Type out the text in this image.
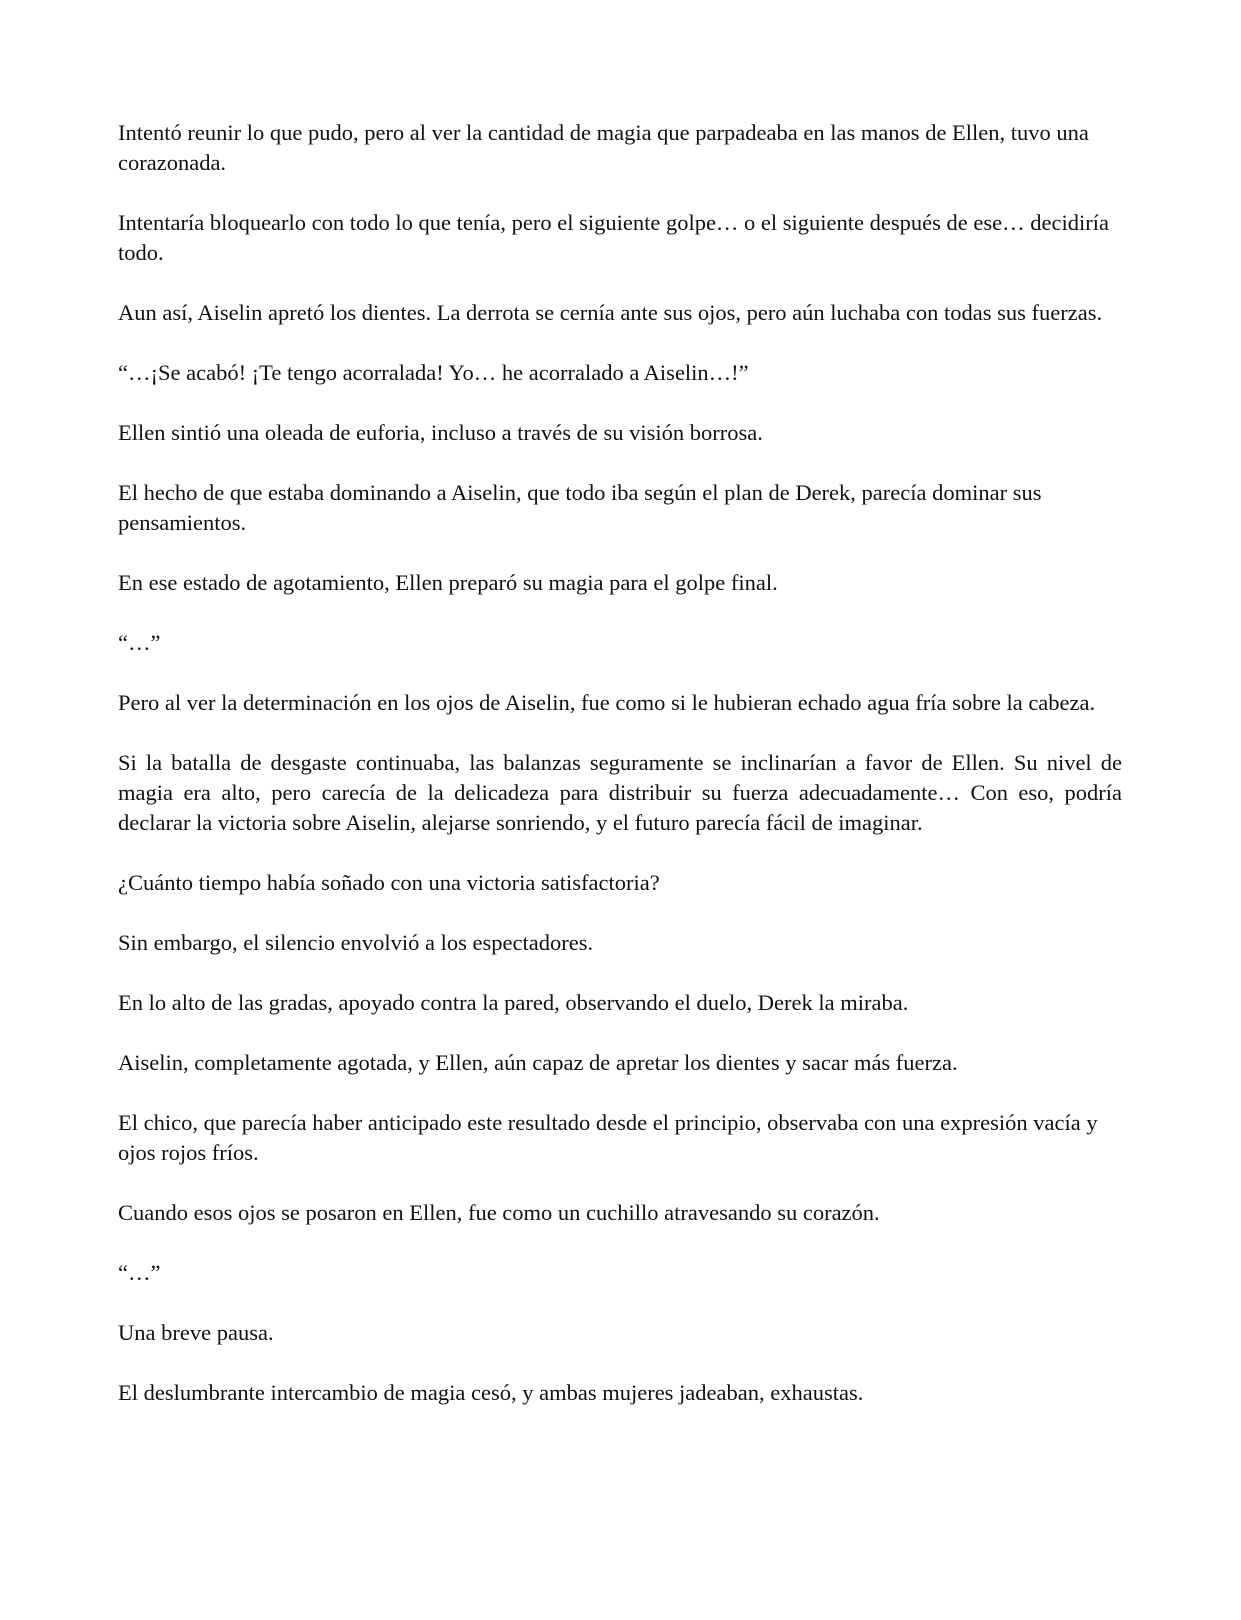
Intentó reunir lo que pudo, pero al ver la cantidad de magia que parpadeaba en las manos de Ellen, tuvo una corazonada.

Intentaría bloquearlo con todo lo que tenía, pero el siguiente golpe… o el siguiente después de ese… decidiría todo.

Aun así, Aiselin apretó los dientes. La derrota se cernía ante sus ojos, pero aún luchaba con todas sus fuerzas.

“…¡Se acabó! ¡Te tengo acorralada! Yo… he acorralado a Aiselin…!”

Ellen sintió una oleada de euforia, incluso a través de su visión borrosa.

El hecho de que estaba dominando a Aiselin, que todo iba según el plan de Derek, parecía dominar sus pensamientos.

En ese estado de agotamiento, Ellen preparó su magia para el golpe final.

“…”

Pero al ver la determinación en los ojos de Aiselin, fue como si le hubieran echado agua fría sobre la cabeza.

Si la batalla de desgaste continuaba, las balanzas seguramente se inclinarían a favor de Ellen. Su nivel de magia era alto, pero carecía de la delicadeza para distribuir su fuerza adecuadamente… Con eso, podría declarar la victoria sobre Aiselin, alejarse sonriendo, y el futuro parecía fácil de imaginar.

¿Cuánto tiempo había soñado con una victoria satisfactoria?

Sin embargo, el silencio envolvió a los espectadores.

En lo alto de las gradas, apoyado contra la pared, observando el duelo, Derek la miraba.

Aiselin, completamente agotada, y Ellen, aún capaz de apretar los dientes y sacar más fuerza.

El chico, que parecía haber anticipado este resultado desde el principio, observaba con una expresión vacía y ojos rojos fríos.

Cuando esos ojos se posaron en Ellen, fue como un cuchillo atravesando su corazón.

“…”

Una breve pausa.

El deslumbrante intercambio de magia cesó, y ambas mujeres jadeaban, exhaustas.
